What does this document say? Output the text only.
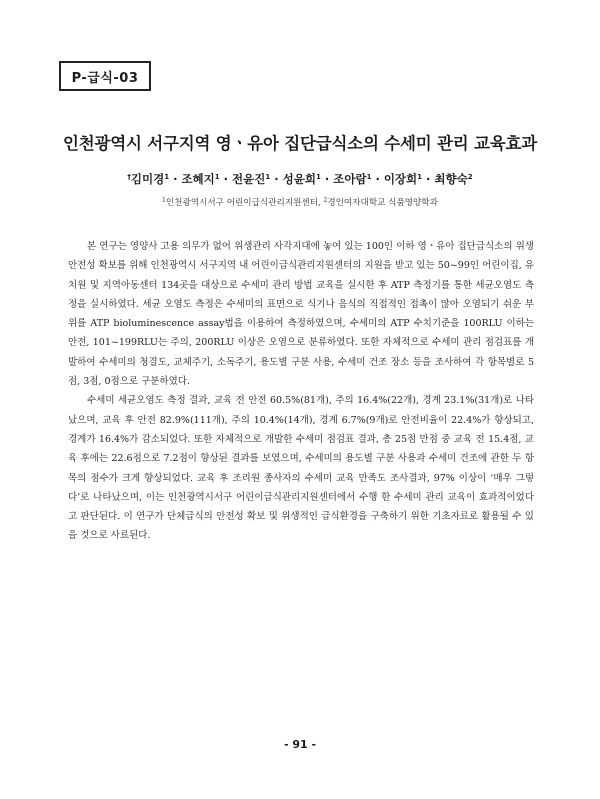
P-급식-03
인천광역시 서구지역 영ㆍ유아 집단급식소의 수세미 관리 교육효과
†김미경$^1$ · 조혜지$^1$ · 전윤진$^1$ · 성윤희$^1$ · 조아람$^1$ · 이장희$^1$ · 최향숙$^2$
$^1$인천광역시서구 어린이급식관리지원센터, $^2$경인여자대학교 식품영양학과

본 연구는 영양사 고용 의무가 없어 위생관리 사각지대에 놓여 있는 100인 이하 영ㆍ유아 집단급식소의 위생안전성 확보를 위해 인천광역시 서구지역 내 어린이급식관리지원센터의 지원을 받고 있는 50~99인 어린이집, 유치원 및 지역아동센터 134곳을 대상으로 수세미 관리 방법 교육을 실시한 후 ATP 측정기를 통한 세균오염도 측정을 실시하였다. 세균 오염도 측정은 수세미의 표면으로 식기나 음식의 직접적인 접촉이 많아 오염되기 쉬운 부위를 ATP bioluminescence assay법을 이용하여 측정하였으며, 수세미의 ATP 수치기준을 100RLU 이하는 안전, 101~199RLU는 주의, 200RLU 이상은 오염으로 분류하였다. 또한 자체적으로 수세미 관리 점검표를 개발하여 수세미의 청결도, 교체주기, 소독주기, 용도별 구분 사용, 수세미 건조 장소 등을 조사하여 각 항목별로 5점, 3점, 0점으로 구분하였다.

수세미 세균오염도 측정 결과, 교육 전 안전 60.5%(81개), 주의 16.4%(22개), 경계 23.1%(31개)로 나타났으며, 교육 후 안전 82.9%(111개), 주의 10.4%(14개), 경계 6.7%(9개)로 안전비율이 22.4%가 향상되고, 경계가 16.4%가 감소되었다. 또한 자체적으로 개발한 수세미 점검표 결과, 총 25점 만점 중 교육 전 15.4점, 교육 후에는 22.6점으로 7.2점이 향상된 결과를 보였으며, 수세미의 용도별 구분 사용과 수세미 건조에 관한 두 항목의 점수가 크게 향상되었다. 교육 후 조리원 종사자의 수세미 교육 만족도 조사결과, 97% 이상이 ‘매우 그렇다’로 나타났으며, 이는 인천광역시서구 어린이급식관리지원센터에서 수행 한 수세미 관리 교육이 효과적이었다고 판단된다. 이 연구가 단체급식의 안전성 확보 및 위생적인 급식환경을 구축하기 위한 기초자료로 활용될 수 있을 것으로 사료된다.

- 91 -
